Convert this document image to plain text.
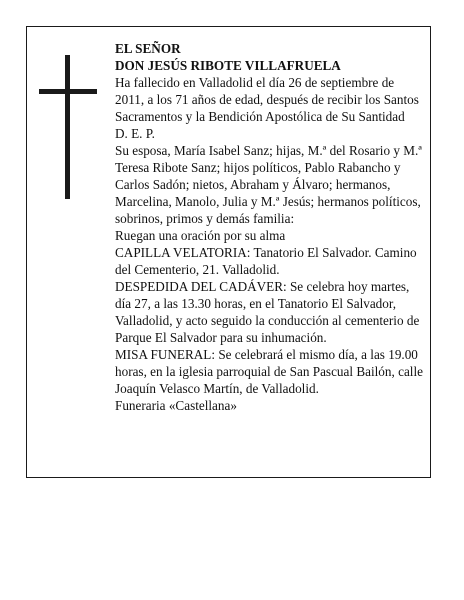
EL SEÑOR

DON JESÚS RIBOTE VILLAFRUELA

Ha fallecido en Valladolid el día 26 de septiembre de 2011, a los 71 años de edad, después de recibir los Santos Sacramentos y la Bendición Apostólica de Su Santidad

D. E. P.

Su esposa, María Isabel Sanz; hijas, M.ª del Rosario y M.ª Teresa Ribote Sanz; hijos políticos, Pablo Rabancho y Carlos Sadón; nietos, Abraham y Álvaro; hermanos, Marcelina, Manolo, Julia y M.ª Jesús; hermanos políticos, sobrinos, primos y demás familia:

Ruegan una oración por su alma

CAPILLA VELATORIA: Tanatorio El Salvador. Camino del Cementerio, 21. Valladolid.

DESPEDIDA DEL CADÁVER: Se celebra hoy martes, día 27, a las 13.30 horas, en el Tanatorio El Salvador, Valladolid, y acto seguido la conducción al cementerio de Parque El Salvador para su inhumación.

MISA FUNERAL: Se celebrará el mismo día, a las 19.00 horas, en la iglesia parroquial de San Pascual Bailón, calle Joaquín Velasco Martín, de Valladolid.

Funeraria «Castellana»
